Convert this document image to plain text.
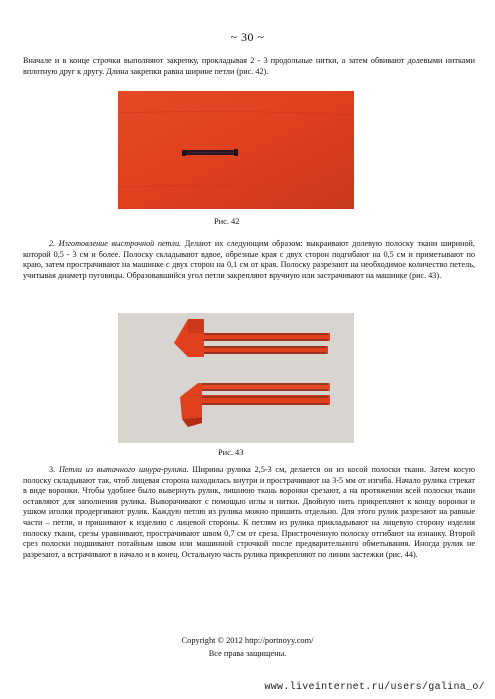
~ 30 ~
Вначале и в конце строчки выполняют закрепку, прокладывая 2 - 3 продольные нитки, а затем обвивают долевыми нитками вплотную друг к другу. Длина закрепки равна ширине петли (рис. 42).
Рис. 42
2. Изготовление выстрочной петли. Делают их следующим образом: выкраивают долевую полоску ткани шириной, которой 0,5 - 3 см и более. Полоску складывают вдвое, обрезные края с двух сторон подгибают на 0,5 см и приметывают по краю, затем прострачивают на машинке с двух сторон на 0,1 см от края. Полоску разрезают на необходимое количество петель, учитывая диаметр пуговицы. Образовавшийся угол петли закрепляют вручную или застрачивают на машинке (рис. 43).
Рис. 43
3. Петли из вытачного шнура-рулика. Ширины рулика 2,5-3 см, делается он из косой полоски ткани. Затем косую полоску складывают так, чтоб лицевая сторона находилась внутри и прострачивают на 3-5 мм от изгиба. Начало рулика стрекат в виде воронки. Чтобы удобнее было вывернуть рулик, лишнюю ткань воронки срезают, а на протяжении всей полоски ткани оставляют для заполнения рулика. Выворачивают с помощью иглы и нитки. Двойную нить прикрепляют к концу воронки и ушком иголки продергивают рулик. Каждую петлю из рулика можно пришить отдельно. Для этого рулик разрезают на равные части – петли, и пришивают к изделию с лицевой стороны. К петлям из рулика прикладывают на лицевую сторону изделия полоску ткани, срезы уравнивают, прострачивают швом 0,7 см от среза. Пристроченную полоску отгибают на изнанку. Второй срез полоски подшивают потайным швом или машинной строчкой после предварительного обметывания. Иногда рулик не разрезают, а встрачивают в начало и в конец. Остальную часть рулика прикрепляют по линии застежки (рис. 44).
Copyright © 2012 http://portnoyy.com/
Все права защищены.
www.liveinternet.ru/users/galina_o/
